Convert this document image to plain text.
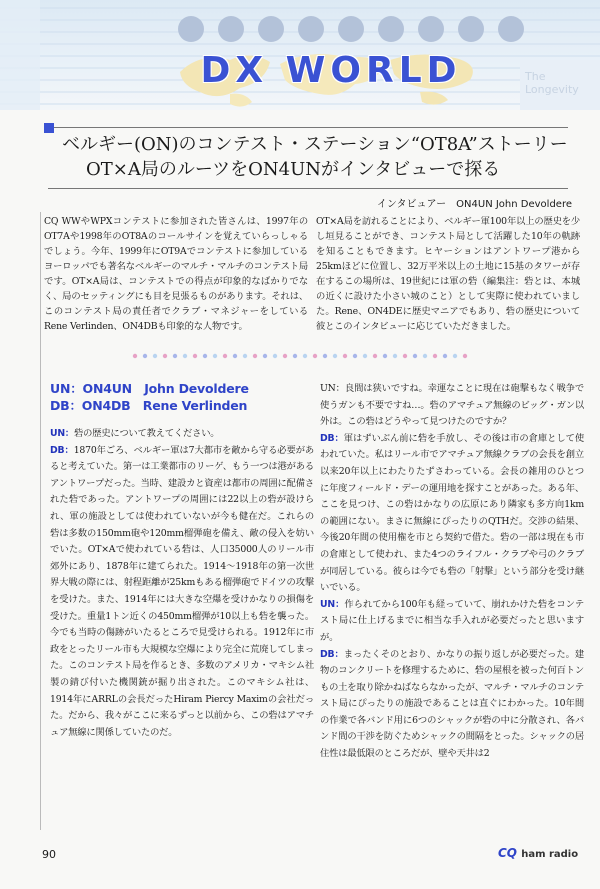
The Longevity
DX WORLD
ベルギー(ON)のコンテスト・ステーション“OT8A”ストーリー
OT×A局のルーツをON4UNがインタビューで探る
インタビュアー　ON4UN John Devoldere
CQ WWやWPXコンテストに参加された皆さんは、1997年のOT7Aや1998年のOT8Aのコールサインを覚えていらっしゃるでしょう。今年、1999年にOT9Aでコンテストに参加しているヨーロッパでも著名なベルギーのマルチ・マルチのコンテスト局です。OT×A局は、コンテストでの得点が印象的なばかりでなく、局のセッティングにも目を見張るものがあります。それは、このコンテスト局の責任者でクラブ・マネジャーをしているRene Verlinden、ON4DBも印象的な人物です。
OT×A局を訪れることにより、ベルギー軍100年以上の歴史を少し垣見ることができ、コンテスト局として活躍した10年の軌跡を知ることもできます。ヒヤーションはアントワープ港から25kmほどに位置し、32万平米以上の土地に15基のタワーが存在するこの場所は、19世紀には軍の砦（編集注：砦とは、本城の近くに設けた小さい城のこと）として実際に使われていました。Rene、ON4DEに歴史マニアでもあり、砦の歴史について彼とこのインタビューに応じていただきました。
UN：ON4UN　John Devoldere
DB：ON4DB　Rene Verlinden

UN：砦の歴史について教えてください。

DB：1870年ごろ、ベルギー軍は7大都市を敵から守る必要があると考えていた。第一は工業都市のリーゲ、もう一つは港があるアントワープだった。当時、建設カと資産は都市の周囲に配備された砦であった。アントワープの周囲には22以上の砦が設けられ、軍の施設としては使われていないが今も健在だ。これらの砦は多数の150mm砲や120mm榴弾砲を備え、敵の侵入を妨いでいた。OT×Aで使われている砦は、人口35000人のリール市郊外にあり、1878年に建てられた。1914〜1918年の第一次世界大戦の際には、射程距離が25kmもある榴弾砲でドイツの攻撃を受けた。また、1914年には大きな空爆を受けかなりの損傷を受けた。重量1トン近くの450mm榴弾が10以上も砦を襲った。今でも当時の傷跡がいたるところで見受けられる。1912年に市政をとったリール市も大規模な空爆により完全に荒廃してしまった。このコンテスト局を作るとき、多数のアメリカ・マキシム社製の錆び付いた機関銃が掘り出された。このマキシム社は、1914年にARRLの会長だったHiram Piercy Maximの会社だった。だから、我々がここに来るずっと以前から、この砦はアマチュア無線に関係していたのだ。

UN：良間は狭いですね。幸運なことに現在は砲撃もなく戦争で使うガンも不要ですね…。砦のアマチュア無線のビッグ・ガン以外は。この砦はどうやって見つけたのですか？

DB：軍はずいぶん前に砦を手放し、その後は市の倉庫として使われていた。私はリール市でアマチュア無線クラブの会長を創立以来20年以上にわたりたずさわっている。会長の雑用のひとつに年度フィールド・デーの運用地を探すことがあった。ある年、ここを見つけ、この砦はかなりの広原にあり隣家も多方向1kmの範囲にない。まさに無線にぴったりのQTHだ。交渉の結果、今後20年間の使用権を市とら契約で借た。砦の一部は現在も市の倉庫として使われ、また4つのライフル・クラブや弓のクラブが同居している。彼らは今でも砦の「射撃」という部分を受け継いでいる。

UN：作られてから100年も経っていて、崩れかけた砦をコンテスト局に仕上げるまでに相当な手入れが必要だったと思いますが。

DB：まったくそのとおり、かなりの振り返しが必要だった。建物のコンクリートを修理するために、砦の屋根を被った何百トンもの土を取り除かねばならなかったが、マルチ・マルチのコンテスト局にぴったりの施設であることは直ぐにわかった。10年間の作業で各バンド用に6つのシャックが砦の中に分散され、各バンド間の干渉を防ぐためシャックの間隔をとった。シャックの居住性は最低限のところだが、壁や天井は2

90	CQ ham radio
